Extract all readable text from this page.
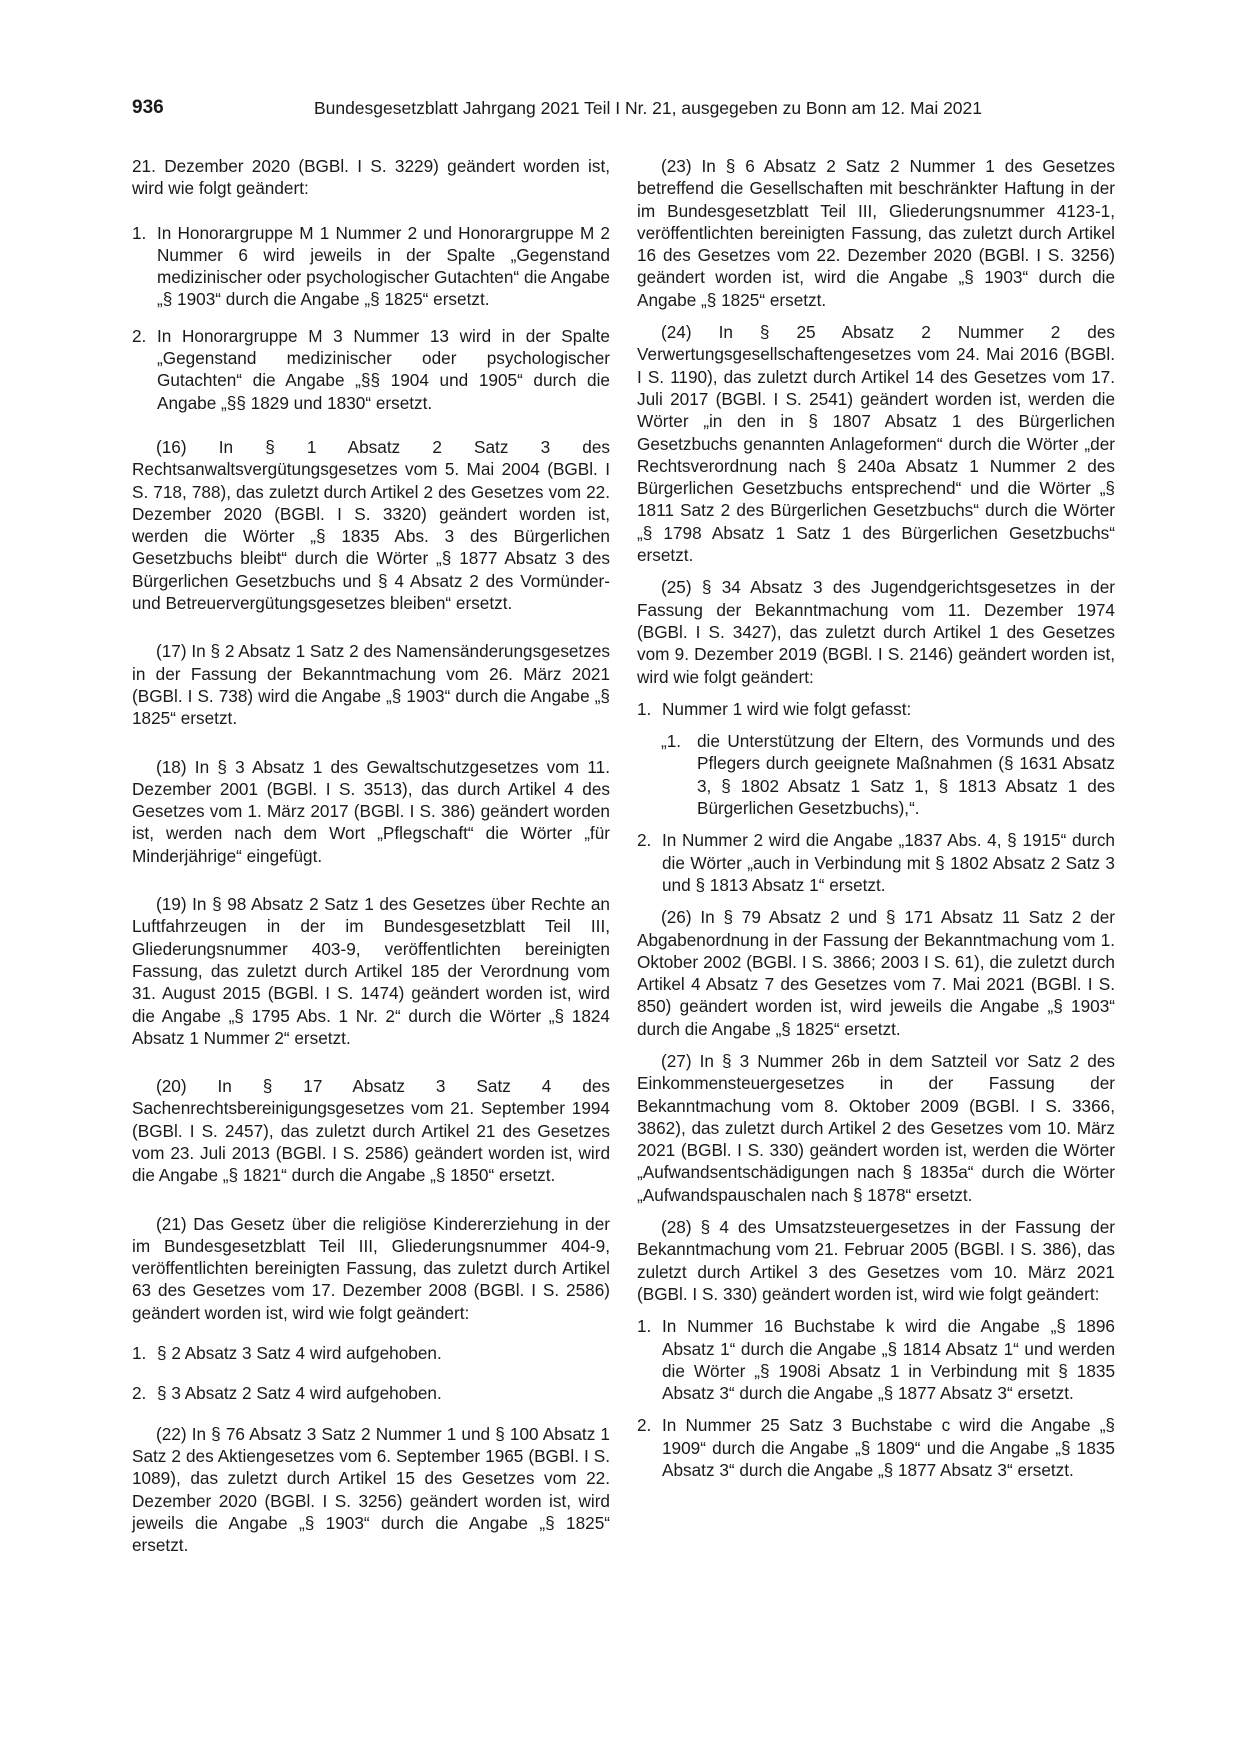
936	Bundesgesetzblatt Jahrgang 2021 Teil I Nr. 21, ausgegeben zu Bonn am 12. Mai 2021

21. Dezember 2020 (BGBl. I S. 3229) geändert worden ist, wird wie folgt geändert:

1. In Honorargruppe M 1 Nummer 2 und Honorargruppe M 2 Nummer 6 wird jeweils in der Spalte „Gegenstand medizinischer oder psychologischer Gutachten“ die Angabe „§ 1903“ durch die Angabe „§ 1825“ ersetzt.
2. In Honorargruppe M 3 Nummer 13 wird in der Spalte „Gegenstand medizinischer oder psychologischer Gutachten“ die Angabe „§§ 1904 und 1905“ durch die Angabe „§§ 1829 und 1830“ ersetzt.

(16) In § 1 Absatz 2 Satz 3 des Rechtsanwaltsvergütungsgesetzes vom 5. Mai 2004 (BGBl. I S. 718, 788), das zuletzt durch Artikel 2 des Gesetzes vom 22. Dezember 2020 (BGBl. I S. 3320) geändert worden ist, werden die Wörter „§ 1835 Abs. 3 des Bürgerlichen Gesetzbuchs bleibt“ durch die Wörter „§ 1877 Absatz 3 des Bürgerlichen Gesetzbuchs und § 4 Absatz 2 des Vormünder- und Betreuervergütungsgesetzes bleiben“ ersetzt.

(17) In § 2 Absatz 1 Satz 2 des Namensänderungsgesetzes in der Fassung der Bekanntmachung vom 26. März 2021 (BGBl. I S. 738) wird die Angabe „§ 1903“ durch die Angabe „§ 1825“ ersetzt.

(18) In § 3 Absatz 1 des Gewaltschutzgesetzes vom 11. Dezember 2001 (BGBl. I S. 3513), das durch Artikel 4 des Gesetzes vom 1. März 2017 (BGBl. I S. 386) geändert worden ist, werden nach dem Wort „Pflegschaft“ die Wörter „für Minderjährige“ eingefügt.

(19) In § 98 Absatz 2 Satz 1 des Gesetzes über Rechte an Luftfahrzeugen in der im Bundesgesetzblatt Teil III, Gliederungsnummer 403-9, veröffentlichten bereinigten Fassung, das zuletzt durch Artikel 185 der Verordnung vom 31. August 2015 (BGBl. I S. 1474) geändert worden ist, wird die Angabe „§ 1795 Abs. 1 Nr. 2“ durch die Wörter „§ 1824 Absatz 1 Nummer 2“ ersetzt.

(20) In § 17 Absatz 3 Satz 4 des Sachenrechtsbereinigungsgesetzes vom 21. September 1994 (BGBl. I S. 2457), das zuletzt durch Artikel 21 des Gesetzes vom 23. Juli 2013 (BGBl. I S. 2586) geändert worden ist, wird die Angabe „§ 1821“ durch die Angabe „§ 1850“ ersetzt.

(21) Das Gesetz über die religiöse Kindererziehung in der im Bundesgesetzblatt Teil III, Gliederungsnummer 404-9, veröffentlichten bereinigten Fassung, das zuletzt durch Artikel 63 des Gesetzes vom 17. Dezember 2008 (BGBl. I S. 2586) geändert worden ist, wird wie folgt geändert:

1. § 2 Absatz 3 Satz 4 wird aufgehoben.
2. § 3 Absatz 2 Satz 4 wird aufgehoben.

(22) In § 76 Absatz 3 Satz 2 Nummer 1 und § 100 Absatz 1 Satz 2 des Aktiengesetzes vom 6. September 1965 (BGBl. I S. 1089), das zuletzt durch Artikel 15 des Gesetzes vom 22. Dezember 2020 (BGBl. I S. 3256) geändert worden ist, wird jeweils die Angabe „§ 1903“ durch die Angabe „§ 1825“ ersetzt.

(23) In § 6 Absatz 2 Satz 2 Nummer 1 des Gesetzes betreffend die Gesellschaften mit beschränkter Haftung in der im Bundesgesetzblatt Teil III, Gliederungsnummer 4123-1, veröffentlichten bereinigten Fassung, das zuletzt durch Artikel 16 des Gesetzes vom 22. Dezember 2020 (BGBl. I S. 3256) geändert worden ist, wird die Angabe „§ 1903“ durch die Angabe „§ 1825“ ersetzt.

(24) In § 25 Absatz 2 Nummer 2 des Verwertungsgesellschaftengesetzes vom 24. Mai 2016 (BGBl. I S. 1190), das zuletzt durch Artikel 14 des Gesetzes vom 17. Juli 2017 (BGBl. I S. 2541) geändert worden ist, werden die Wörter „in den in § 1807 Absatz 1 des Bürgerlichen Gesetzbuchs genannten Anlageformen“ durch die Wörter „der Rechtsverordnung nach § 240a Absatz 1 Nummer 2 des Bürgerlichen Gesetzbuchs entsprechend“ und die Wörter „§ 1811 Satz 2 des Bürgerlichen Gesetzbuchs“ durch die Wörter „§ 1798 Absatz 1 Satz 1 des Bürgerlichen Gesetzbuchs“ ersetzt.

(25) § 34 Absatz 3 des Jugendgerichtsgesetzes in der Fassung der Bekanntmachung vom 11. Dezember 1974 (BGBl. I S. 3427), das zuletzt durch Artikel 1 des Gesetzes vom 9. Dezember 2019 (BGBl. I S. 2146) geändert worden ist, wird wie folgt geändert:

1. Nummer 1 wird wie folgt gefasst:
„1. die Unterstützung der Eltern, des Vormunds und des Pflegers durch geeignete Maßnahmen (§ 1631 Absatz 3, § 1802 Absatz 1 Satz 1, § 1813 Absatz 1 des Bürgerlichen Gesetzbuchs),“.
2. In Nummer 2 wird die Angabe „1837 Abs. 4, § 1915“ durch die Wörter „auch in Verbindung mit § 1802 Absatz 2 Satz 3 und § 1813 Absatz 1“ ersetzt.

(26) In § 79 Absatz 2 und § 171 Absatz 11 Satz 2 der Abgabenordnung in der Fassung der Bekanntmachung vom 1. Oktober 2002 (BGBl. I S. 3866; 2003 I S. 61), die zuletzt durch Artikel 4 Absatz 7 des Gesetzes vom 7. Mai 2021 (BGBl. I S. 850) geändert worden ist, wird jeweils die Angabe „§ 1903“ durch die Angabe „§ 1825“ ersetzt.

(27) In § 3 Nummer 26b in dem Satzteil vor Satz 2 des Einkommensteuergesetzes in der Fassung der Bekanntmachung vom 8. Oktober 2009 (BGBl. I S. 3366, 3862), das zuletzt durch Artikel 2 des Gesetzes vom 10. März 2021 (BGBl. I S. 330) geändert worden ist, werden die Wörter „Aufwandsentschädigungen nach § 1835a“ durch die Wörter „Aufwandspauschalen nach § 1878“ ersetzt.

(28) § 4 des Umsatzsteuergesetzes in der Fassung der Bekanntmachung vom 21. Februar 2005 (BGBl. I S. 386), das zuletzt durch Artikel 3 des Gesetzes vom 10. März 2021 (BGBl. I S. 330) geändert worden ist, wird wie folgt geändert:

1. In Nummer 16 Buchstabe k wird die Angabe „§ 1896 Absatz 1“ durch die Angabe „§ 1814 Absatz 1“ und werden die Wörter „§ 1908i Absatz 1 in Verbindung mit § 1835 Absatz 3“ durch die Angabe „§ 1877 Absatz 3“ ersetzt.
2. In Nummer 25 Satz 3 Buchstabe c wird die Angabe „§ 1909“ durch die Angabe „§ 1809“ und die Angabe „§ 1835 Absatz 3“ durch die Angabe „§ 1877 Absatz 3“ ersetzt.
